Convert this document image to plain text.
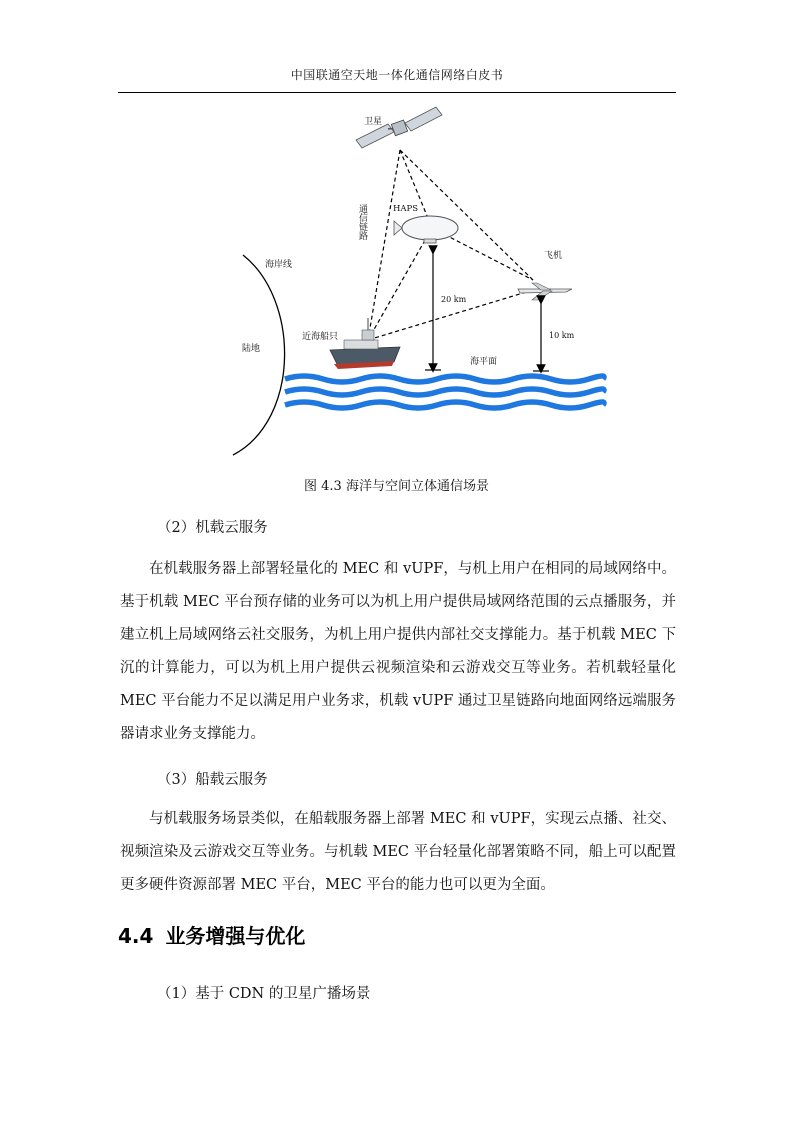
中国联通空天地一体化通信网络白皮书
卫星
通信链路	HAPS
飞机
海岸线
陆地
近海船只
20 km
10 km
海平面
图 4.3 海洋与空间立体通信场景
（2）机载云服务

在机载服务器上部署轻量化的 MEC 和 vUPF，与机上用户在相同的局域网络中。基于机载 MEC 平台预存储的业务可以为机上用户提供局域网络范围的云点播服务，并建立机上局域网络云社交服务，为机上用户提供内部社交支撑能力。基于机载 MEC 下沉的计算能力，可以为机上用户提供云视频渲染和云游戏交互等业务。若机载轻量化 MEC 平台能力不足以满足用户业务求，机载 vUPF 通过卫星链路向地面网络远端服务器请求业务支撑能力。

（3）船载云服务

与机载服务场景类似，在船载服务器上部署 MEC 和 vUPF，实现云点播、社交、视频渲染及云游戏交互等业务。与机载 MEC 平台轻量化部署策略不同，船上可以配置更多硬件资源部署 MEC 平台，MEC 平台的能力也可以更为全面。

4.4 业务增强与优化
（1）基于 CDN 的卫星广播场景
